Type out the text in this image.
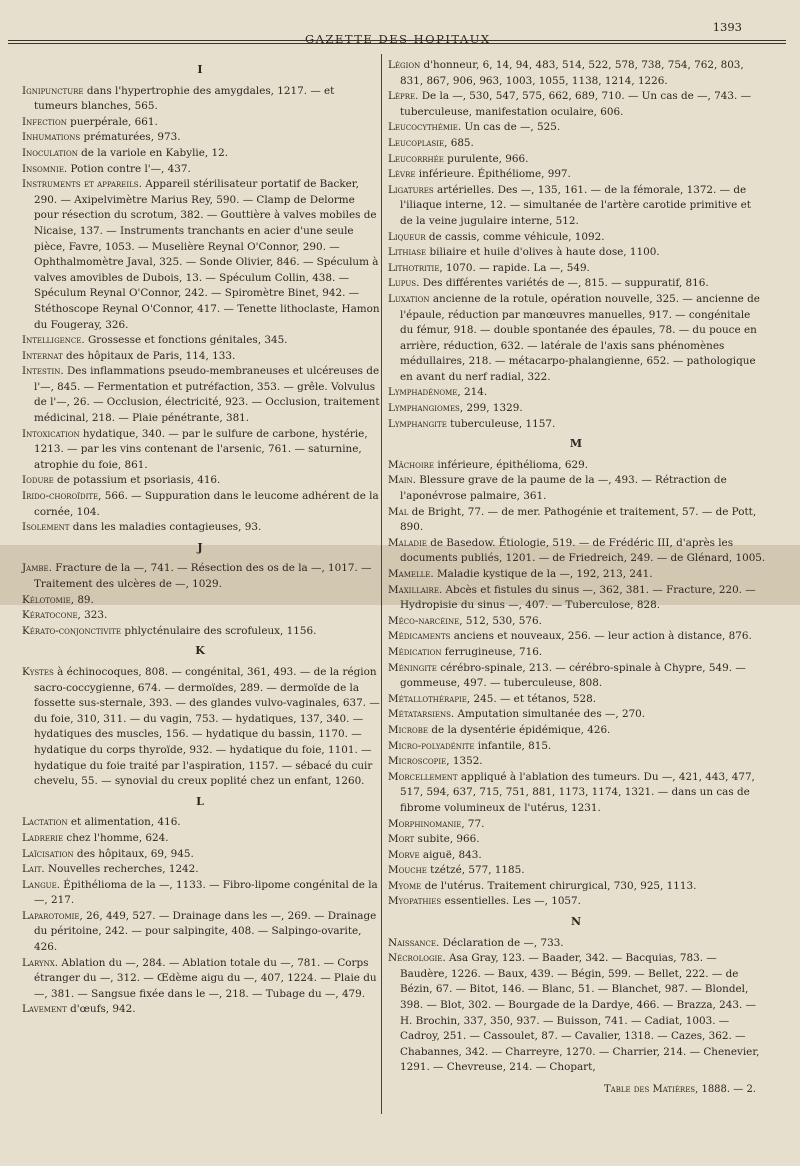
GAZETTE DES HOPITAUX
1393
I

Ignipuncture dans l'hypertrophie des amygdales, 1217. — et tumeurs blanches, 565.

Infection puerpérale, 661.

Inhumations prématurées, 973.

Inoculation de la variole en Kabylie, 12.

Insomnie. Potion contre l'—, 437.

Instruments et appareils. Appareil stérilisateur portatif de Backer, 290. — Axipelvimètre Marius Rey, 590. — Clamp de Delorme pour résection du scrotum, 382. — Gouttière à valves mobiles de Nicaise, 137. — Instruments tranchants en acier d'une seule pièce, Favre, 1053. — Muselière Reynal O'Connor, 290. — Ophthalmomètre Javal, 325. — Sonde Olivier, 846. — Spéculum à valves amovibles de Dubois, 13. — Spéculum Collin, 438. — Spéculum Reynal O'Connor, 242. — Spiromètre Binet, 942. — Stéthoscope Reynal O'Connor, 417. — Tenette lithoclaste, Hamon du Fougeray, 326.

Intelligence. Grossesse et fonctions génitales, 345.

Internat des hôpitaux de Paris, 114, 133.

Intestin. Des inflammations pseudo-membraneuses et ulcéreuses de l'—, 845. — Fermentation et putréfaction, 353. — grêle. Volvulus de l'—, 26. — Occlusion, électricité, 923. — Occlusion, traitement médicinal, 218. — Plaie pénétrante, 381.

Intoxication hydatique, 340. — par le sulfure de carbone, hystérie, 1213. — par les vins contenant de l'arsenic, 761. — saturnine, atrophie du foie, 861.

Iodure de potassium et psoriasis, 416.

Irido-choroïdite, 566. — Suppuration dans le leucome adhérent de la cornée, 104.

Isolement dans les maladies contagieuses, 93.

J

Jambe. Fracture de la —, 741. — Résection des os de la —, 1017. — Traitement des ulcères de —, 1029.

Kélotomie, 89.

Kératocone, 323.

Kérato-conjonctivite phlycténulaire des scrofuleux, 1156.

K

Kystes à échinocoques, 808. — congénital, 361, 493. — de la région sacro-coccygienne, 674. — dermoïdes, 289. — dermoïde de la fossette sus-sternale, 393. — des glandes vulvo-vaginales, 637. — du foie, 310, 311. — du vagin, 753. — hydatiques, 137, 340. — hydatiques des muscles, 156. — hydatique du bassin, 1170. — hydatique du corps thyroïde, 932. — hydatique du foie, 1101. — hydatique du foie traité par l'aspiration, 1157. — sébacé du cuir chevelu, 55. — synovial du creux poplité chez un enfant, 1260.

L

Lactation et alimentation, 416.

Ladrerie chez l'homme, 624.

Laïcisation des hôpitaux, 69, 945.

Lait. Nouvelles recherches, 1242.

Langue. Épithélioma de la —, 1133. — Fibro-lipome congénital de la —, 217.

Laparotomie, 26, 449, 527. — Drainage dans les —, 269. — Drainage du péritoine, 242. — pour salpingite, 408. — Salpingo-ovarite, 426.

Larynx. Ablation du —, 284. — Ablation totale du —, 781. — Corps étranger du —, 312. — Œdème aigu du —, 407, 1224. — Plaie du —, 381. — Sangsue fixée dans le —, 218. — Tubage du —, 479.

Lavement d'œufs, 942.

Légion d'honneur, 6, 14, 94, 483, 514, 522, 578, 738, 754, 762, 803, 831, 867, 906, 963, 1003, 1055, 1138, 1214, 1226.

Lèpre. De la —, 530, 547, 575, 662, 689, 710. — Un cas de —, 743. — tuberculeuse, manifestation oculaire, 606.

Leucocythémie. Un cas de —, 525.

Leucoplasie, 685.

Leucorrhée purulente, 966.

Lèvre inférieure. Épithéliome, 997.

Ligatures artérielles. Des —, 135, 161. — de la fémorale, 1372. — de l'iliaque interne, 12. — simultanée de l'artère carotide primitive et de la veine jugulaire interne, 512.

Liqueur de cassis, comme véhicule, 1092.

Lithiase biliaire et huile d'olives à haute dose, 1100.

Lithotritie, 1070. — rapide. La —, 549.

Lupus. Des différentes variétés de —, 815. — suppuratif, 816.

Luxation ancienne de la rotule, opération nouvelle, 325. — ancienne de l'épaule, réduction par manœuvres manuelles, 917. — congénitale du fémur, 918. — double spontanée des épaules, 78. — du pouce en arrière, réduction, 632. — latérale de l'axis sans phénomènes médullaires, 218. — métacarpo-phalangienne, 652. — pathologique en avant du nerf radial, 322.

Lymphadénome, 214.

Lymphangiomes, 299, 1329.

Lymphangite tuberculeuse, 1157.

M

Mâchoire inférieure, épithélioma, 629.

Main. Blessure grave de la paume de la —, 493. — Rétraction de l'aponévrose palmaire, 361.

Mal de Bright, 77. — de mer. Pathogénie et traitement, 57. — de Pott, 890.

Maladie de Basedow. Étiologie, 519. — de Frédéric III, d'après les documents publiés, 1201. — de Friedreich, 249. — de Glénard, 1005.

Mamelle. Maladie kystique de la —, 192, 213, 241.

Maxillaire. Abcès et fistules du sinus —, 362, 381. — Fracture, 220. — Hydropisie du sinus —, 407. — Tuberculose, 828.

Méco-narcéine, 512, 530, 576.

Médicaments anciens et nouveaux, 256. — leur action à distance, 876.

Médication ferrugineuse, 716.

Méningite cérébro-spinale, 213. — cérébro-spinale à Chypre, 549. — gommeuse, 497. — tuberculeuse, 808.

Métallothérapie, 245. — et tétanos, 528.

Métatarsiens. Amputation simultanée des —, 270.

Microbe de la dysentérie épidémique, 426.

Micro-polyadénite infantile, 815.

Microscopie, 1352.

Morcellement appliqué à l'ablation des tumeurs. Du —, 421, 443, 477, 517, 594, 637, 715, 751, 881, 1173, 1174, 1321. — dans un cas de fibrome volumineux de l'utérus, 1231.

Morphinomanie, 77.

Mort subite, 966.

Morve aiguë, 843.

Mouche tzétzé, 577, 1185.

Myome de l'utérus. Traitement chirurgical, 730, 925, 1113.

Myopathies essentielles. Les —, 1057.

N

Naissance. Déclaration de —, 733.

Nécrologie. Asa Gray, 123. — Baader, 342. — Bacquias, 783. — Baudère, 1226. — Baux, 439. — Bégin, 599. — Bellet, 222. — de Bézin, 67. — Bitot, 146. — Blanc, 51. — Blanchet, 987. — Blondel, 398. — Blot, 302. — Bourgade de la Dardye, 466. — Brazza, 243. — H. Brochin, 337, 350, 937. — Buisson, 741. — Cadiat, 1003. — Cadroy, 251. — Cassoulet, 87. — Cavalier, 1318. — Cazes, 362. — Chabannes, 342. — Charreyre, 1270. — Charrier, 214. — Chenevier, 1291. — Chevreuse, 214. — Chopart,

Table des Matières, 1888. — 2.
